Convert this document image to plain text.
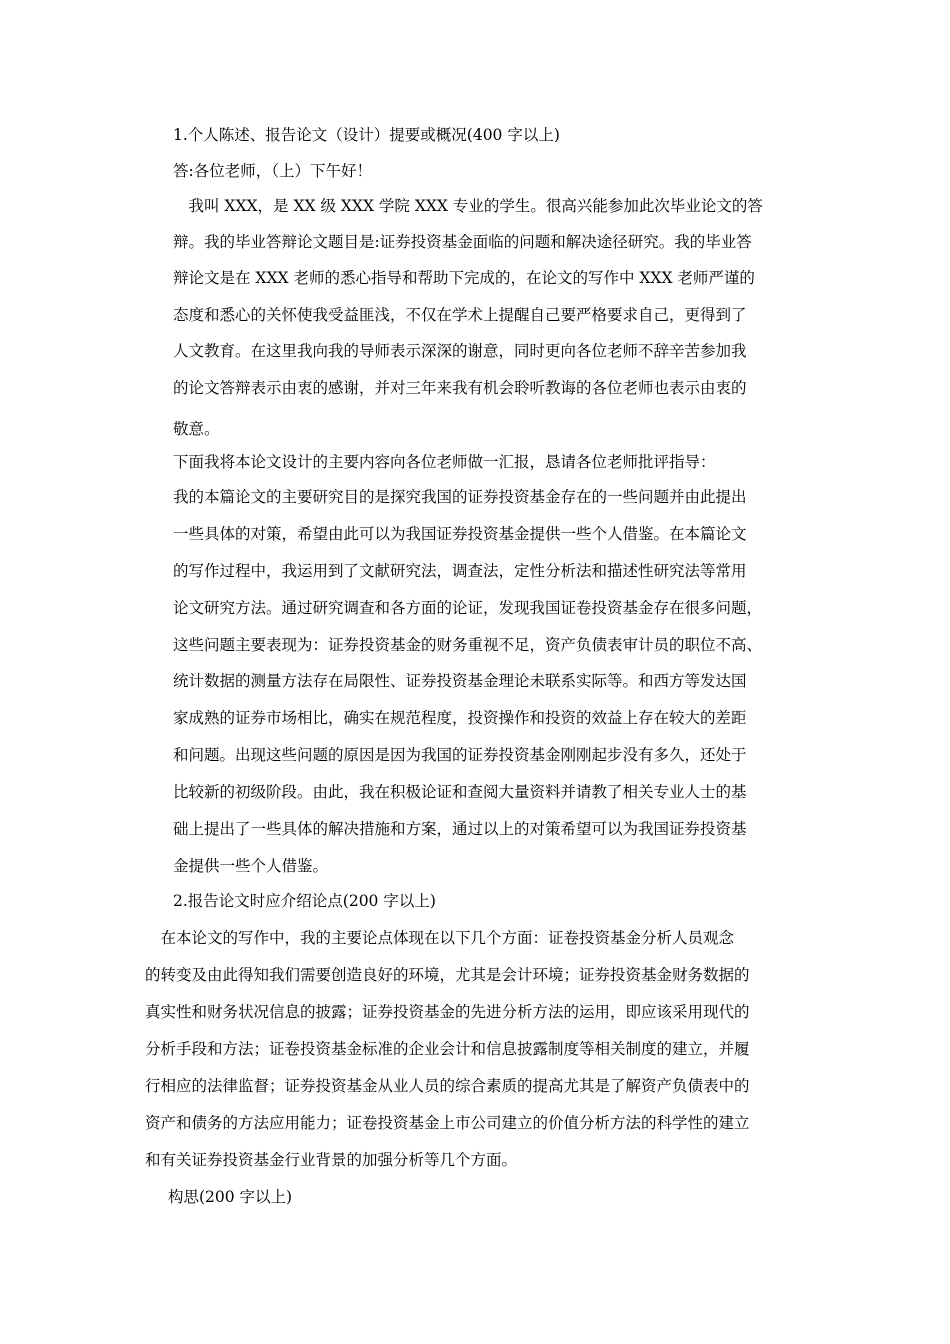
1.个人陈述、报告论文（设计）提要或概况(400 字以上)
答:各位老师，（上）下午好！
　我叫 XXX，是 XX 级 XXX 学院 XXX 专业的学生。很高兴能参加此次毕业论文的答
辩。我的毕业答辩论文题目是:证券投资基金面临的问题和解决途径研究。我的毕业答
辩论文是在 XXX 老师的悉心指导和帮助下完成的，在论文的写作中 XXX 老师严谨的
态度和悉心的关怀使我受益匪浅，不仅在学术上提醒自己要严格要求自己，更得到了
人文教育。在这里我向我的导师表示深深的谢意，同时更向各位老师不辞辛苦参加我
的论文答辩表示由衷的感谢，并对三年来我有机会聆听教诲的各位老师也表示由衷的
敬意。
下面我将本论文设计的主要内容向各位老师做一汇报，恳请各位老师批评指导：
我的本篇论文的主要研究目的是探究我国的证券投资基金存在的一些问题并由此提出
一些具体的对策，希望由此可以为我国证券投资基金提供一些个人借鉴。在本篇论文
的写作过程中，我运用到了文献研究法，调查法，定性分析法和描述性研究法等常用
论文研究方法。通过研究调查和各方面的论证，发现我国证卷投资基金存在很多问题，
这些问题主要表现为：证券投资基金的财务重视不足，资产负债表审计员的职位不高、
统计数据的测量方法存在局限性、证券投资基金理论未联系实际等。和西方等发达国
家成熟的证券市场相比，确实在规范程度，投资操作和投资的效益上存在较大的差距
和问题。出现这些问题的原因是因为我国的证券投资基金刚刚起步没有多久，还处于
比较新的初级阶段。由此，我在积极论证和查阅大量资料并请教了相关专业人士的基
础上提出了一些具体的解决措施和方案，通过以上的对策希望可以为我国证券投资基
金提供一些个人借鉴。
2.报告论文时应介绍论点(200 字以上)
　在本论文的写作中，我的主要论点体现在以下几个方面：证卷投资基金分析人员观念
的转变及由此得知我们需要创造良好的环境，尤其是会计环境；证券投资基金财务数据的
真实性和财务状况信息的披露；证券投资基金的先进分析方法的运用，即应该采用现代的
分析手段和方法；证卷投资基金标准的企业会计和信息披露制度等相关制度的建立，并履
行相应的法律监督；证券投资基金从业人员的综合素质的提高尤其是了解资产负债表中的
资产和债务的方法应用能力；证卷投资基金上市公司建立的价值分析方法的科学性的建立
和有关证券投资基金行业背景的加强分析等几个方面。
构思(200 字以上)
